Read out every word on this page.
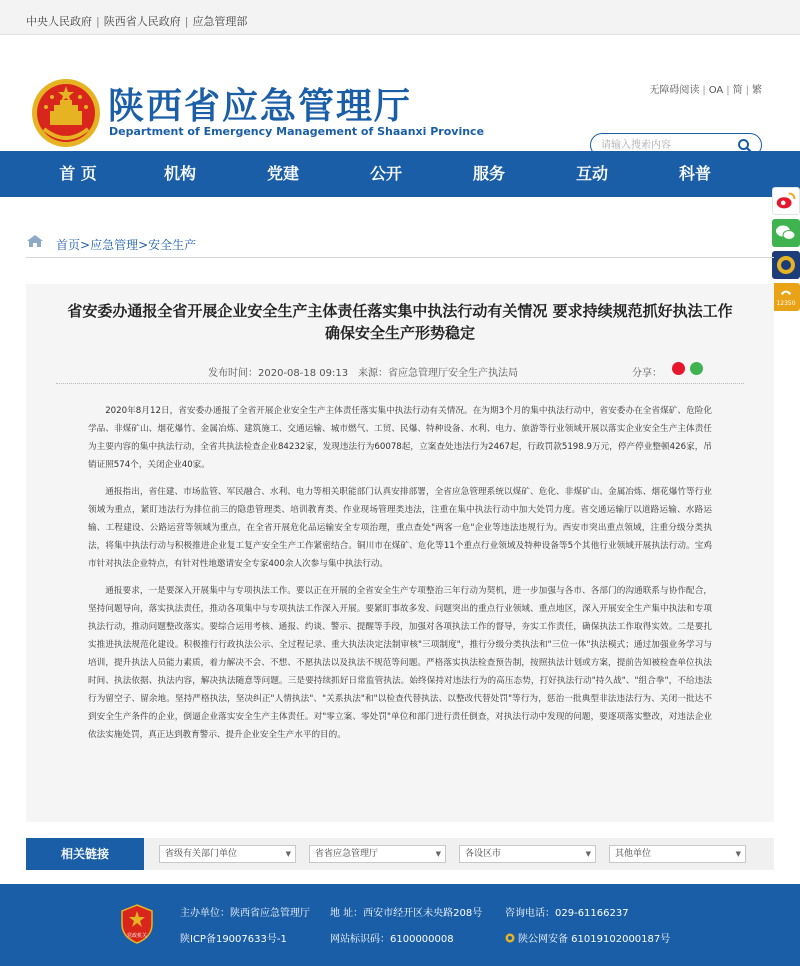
中央人民政府 | 陕西省人民政府 | 应急管理部
陕西省应急管理厅
Department of Emergency Management of Shaanxi Province
无障碍阅读 | OA | 简 | 繁
请输入搜索内容
首 页	机构	党建	公开	服务	互动	科普
12350
首页>应急管理>安全生产
省安委办通报全省开展企业安全生产主体责任落实集中执法行动有关情况 要求持续规范抓好执法工作 确保安全生产形势稳定
发布时间：2020-08-18 09:13 来源：省应急管理厅安全生产执法局	分享：

2020年8月12日，省安委办通报了全省开展企业安全生产主体责任落实集中执法行动有关情况。在为期3个月的集中执法行动中，省安委办在全省煤矿、危险化学品、非煤矿山、烟花爆竹、金属冶炼、建筑施工、交通运输、城市燃气、工贸、民爆、特种设备、水利、电力、旅游等行业领域开展以落实企业安全生产主体责任为主要内容的集中执法行动，全省共执法检查企业84232家，发现违法行为60078起，立案查处违法行为2467起，行政罚款5198.9万元，停产停业整顿426家，吊销证照574个，关闭企业40家。

通报指出，省住建、市场监管、军民融合、水利、电力等相关职能部门认真安排部署，全省应急管理系统以煤矿、危化、非煤矿山、金属冶炼、烟花爆竹等行业领域为重点，紧盯违法行为排位前三的隐患管理类、培训教育类、作业现场管理类违法，注重在集中执法行动中加大处罚力度。省交通运输厅以道路运输、水路运输、工程建设、公路运营等领域为重点，在全省开展危化品运输安全专项治理，重点查处"两客一危"企业等违法违规行为。西安市突出重点领域，注重分级分类执法，将集中执法行动与积极推进企业复工复产安全生产工作紧密结合。铜川市在煤矿、危化等11个重点行业领域及特种设备等5个其他行业领域开展执法行动。宝鸡市针对执法企业特点，有针对性地邀请安全专家400余人次参与集中执法行动。

通报要求，一是要深入开展集中与专项执法工作。要以正在开展的全省安全生产专项整治三年行动为契机，进一步加强与各市、各部门的沟通联系与协作配合，坚持问题导向，落实执法责任，推动各项集中与专项执法工作深入开展。要紧盯事故多发、问题突出的重点行业领域、重点地区，深入开展安全生产集中执法和专项执法行动，推动问题整改落实。要综合运用考核、通报、约谈、警示、提醒等手段，加强对各项执法工作的督导，夯实工作责任，确保执法工作取得实效。二是要扎实推进执法规范化建设。积极推行行政执法公示、全过程记录、重大执法决定法制审核"三项制度"，推行分级分类执法和"三位一体"执法模式；通过加强业务学习与培训，提升执法人员能力素质，着力解决不会、不想、不愿执法以及执法不规范等问题。严格落实执法检查预告制，按照执法计划或方案，提前告知被检查单位执法时间、执法依据、执法内容，解决执法随意等问题。三是要持续抓好日常监管执法。始终保持对违法行为的高压态势，打好执法行动"持久战"、"组合拳"，不给违法行为留空子、留余地。坚持严格执法，坚决纠正"人情执法"、"关系执法"和"以检查代替执法、以整改代替处罚"等行为，惩治一批典型非法违法行为、关闭一批达不到安全生产条件的企业，倒逼企业落实安全生产主体责任。对"零立案、零处罚"单位和部门进行责任倒查，对执法行动中发现的问题，要逐项落实整改，对违法企业依法实施处罚，真正达到教育警示、提升企业安全生产水平的目的。

相关链接	省级有关部门单位	▼	省省应急管理厅	▼	各设区市	▼	其他单位	▼
党政机关
主办单位：陕西省应急管理厅 地 址：西安市经开区未央路208号 咨询电话：029-61166237
陕ICP备19007633号-1	网站标识码：6100000008	陕公网安备 61019102000187号
